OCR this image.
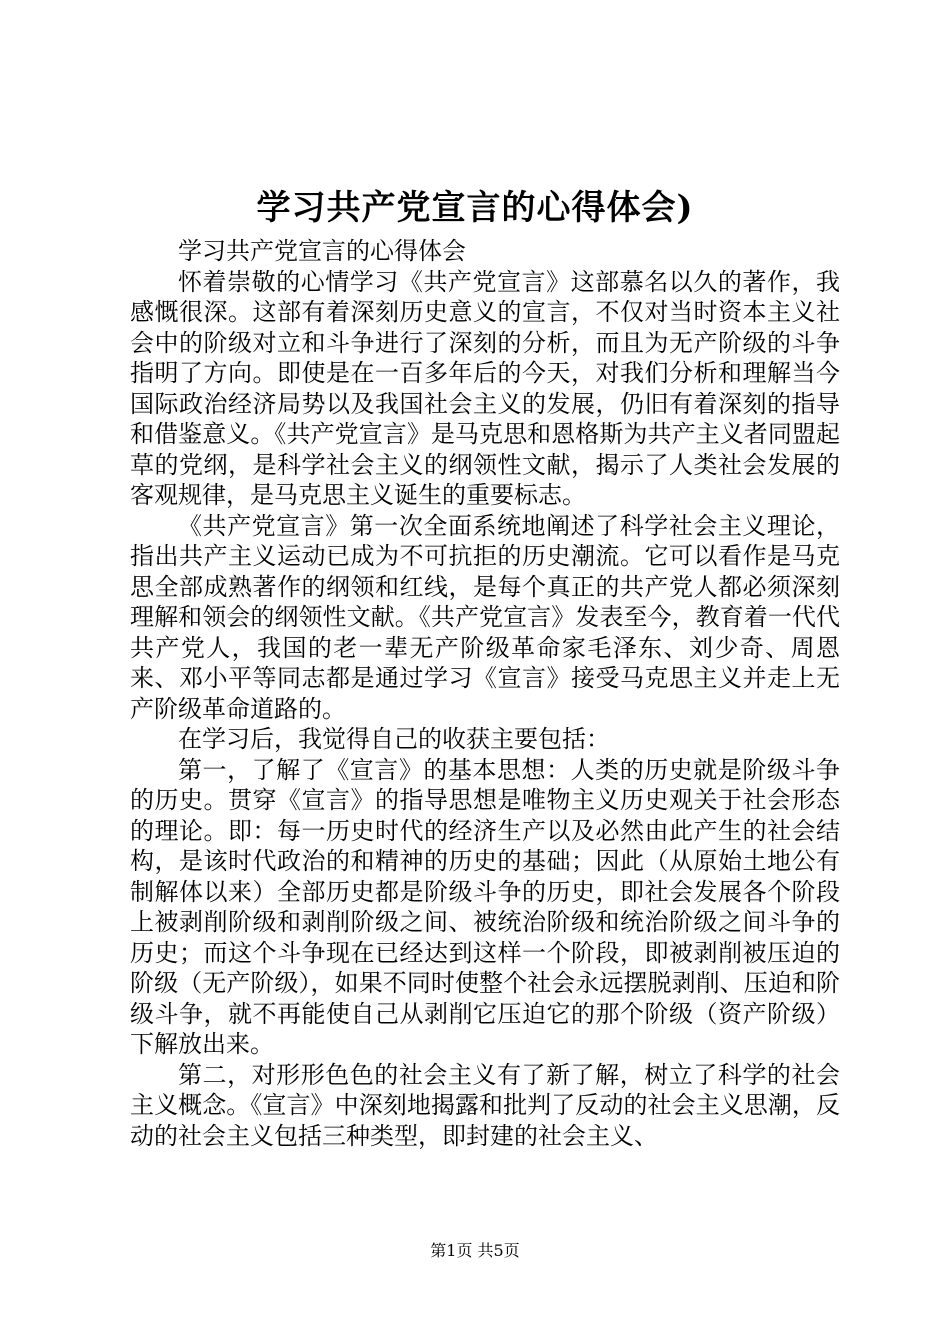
学习共产党宣言的心得体会)

学习共产党宣言的心得体会

怀着崇敬的心情学习《共产党宣言》这部慕名以久的著作，我感慨很深。这部有着深刻历史意义的宣言，不仅对当时资本主义社会中的阶级对立和斗争进行了深刻的分析，而且为无产阶级的斗争指明了方向。即使是在一百多年后的今天，对我们分析和理解当今国际政治经济局势以及我国社会主义的发展，仍旧有着深刻的指导和借鉴意义。《共产党宣言》是马克思和恩格斯为共产主义者同盟起草的党纲，是科学社会主义的纲领性文献，揭示了人类社会发展的客观规律，是马克思主义诞生的重要标志。

《共产党宣言》第一次全面系统地阐述了科学社会主义理论，指出共产主义运动已成为不可抗拒的历史潮流。它可以看作是马克思全部成熟著作的纲领和红线，是每个真正的共产党人都必须深刻理解和领会的纲领性文献。《共产党宣言》发表至今，教育着一代代共产党人，我国的老一辈无产阶级革命家毛泽东、刘少奇、周恩来、邓小平等同志都是通过学习《宣言》接受马克思主义并走上无产阶级革命道路的。

在学习后，我觉得自己的收获主要包括：

第一，了解了《宣言》的基本思想：人类的历史就是阶级斗争的历史。贯穿《宣言》的指导思想是唯物主义历史观关于社会形态的理论。即：每一历史时代的经济生产以及必然由此产生的社会结构，是该时代政治的和精神的历史的基础；因此（从原始土地公有制解体以来）全部历史都是阶级斗争的历史，即社会发展各个阶段上被剥削阶级和剥削阶级之间、被统治阶级和统治阶级之间斗争的历史；而这个斗争现在已经达到这样一个阶段，即被剥削被压迫的阶级（无产阶级），如果不同时使整个社会永远摆脱剥削、压迫和阶级斗争，就不再能使自己从剥削它压迫它的那个阶级（资产阶级）下解放出来。

第二，对形形色色的社会主义有了新了解，树立了科学的社会主义概念。《宣言》中深刻地揭露和批判了反动的社会主义思潮，反动的社会主义包括三种类型，即封建的社会主义、

第1页 共5页
